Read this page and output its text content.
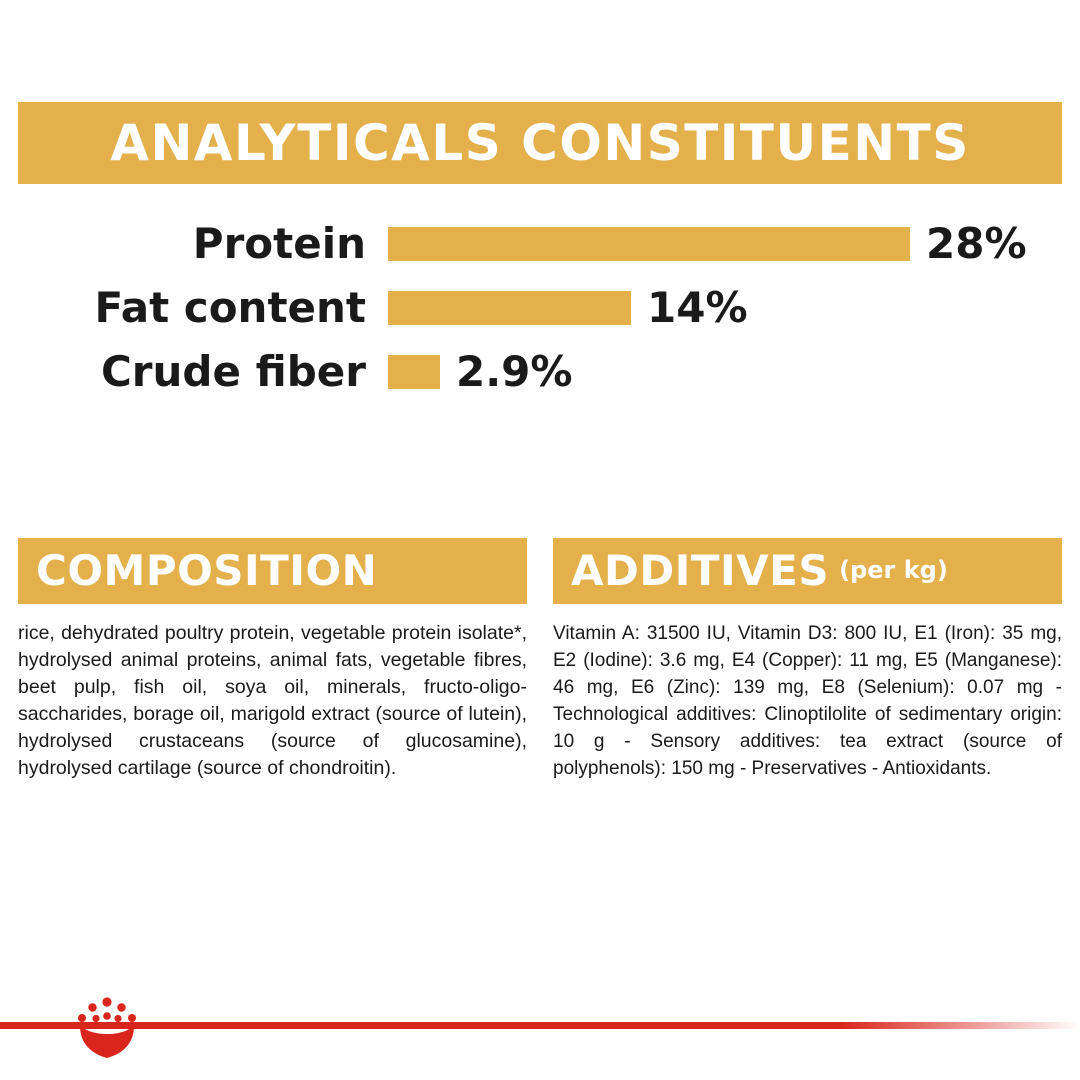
ANALYTICALS CONSTITUENTS
Protein	28%
Fat content	14%
Crude fiber	2.9%
COMPOSITION
rice, dehydrated poultry protein, vegetable protein isolate*, hydrolysed animal proteins, animal fats, vegetable fibres, beet pulp, fish oil, soya oil, minerals, fructo-oligo-saccharides, borage oil, marigold extract (source of lutein), hydrolysed crustaceans (source of glucosamine), hydrolysed cartilage (source of chondroitin).
ADDITIVES (per kg)
Vitamin A: 31500 IU, Vitamin D3: 800 IU, E1 (Iron): 35 mg, E2 (Iodine): 3.6 mg, E4 (Copper): 11 mg, E5 (Manganese): 46 mg, E6 (Zinc): 139 mg, E8 (Selenium): 0.07 mg - Technological additives: Clinoptilolite of sedimentary origin: 10 g - Sensory additives: tea extract (source of polyphenols): 150 mg - Preservatives - Antioxidants.
